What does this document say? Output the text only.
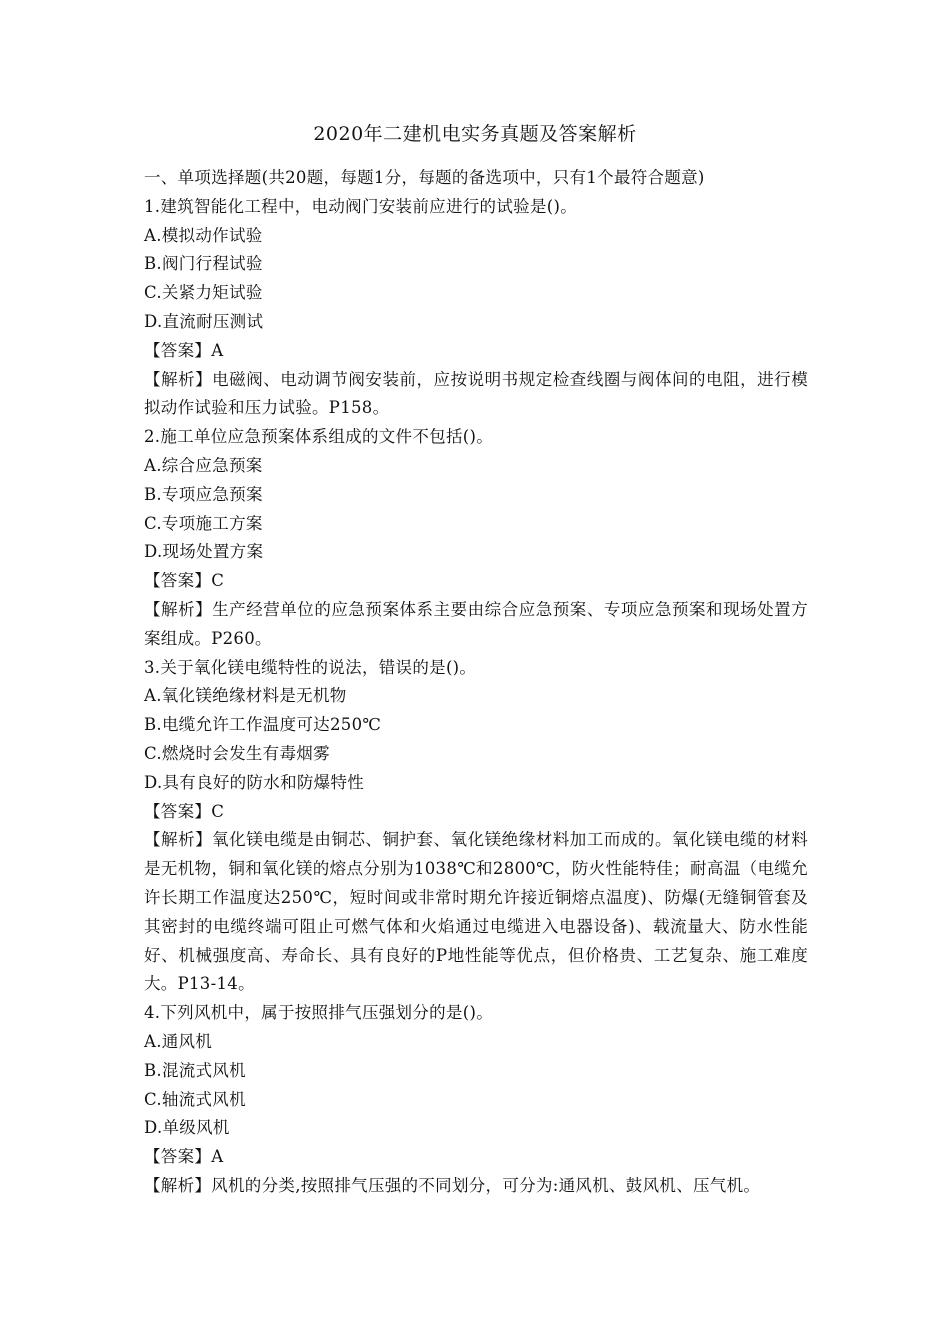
2020年二建机电实务真题及答案解析
一、单项选择题(共20题，每题1分，每题的备选项中，只有1个最符合题意)
1.建筑智能化工程中，电动阀门安装前应进行的试验是()。
A.模拟动作试验
B.阀门行程试验
C.关紧力矩试验
D.直流耐压测试
【答案】A
【解析】电磁阀、电动调节阀安装前，应按说明书规定检查线圈与阀体间的电阻，进行模拟动作试验和压力试验。P158。
2.施工单位应急预案体系组成的文件不包括()。
A.综合应急预案
B.专项应急预案
C.专项施工方案
D.现场处置方案
【答案】C
【解析】生产经营单位的应急预案体系主要由综合应急预案、专项应急预案和现场处置方案组成。P260。
3.关于氧化镁电缆特性的说法，错误的是()。
A.氧化镁绝缘材料是无机物
B.电缆允许工作温度可达250℃
C.燃烧时会发生有毒烟雾
D.具有良好的防水和防爆特性
【答案】C
【解析】氧化镁电缆是由铜芯、铜护套、氧化镁绝缘材料加工而成的。氧化镁电缆的材料是无机物，铜和氧化镁的熔点分别为1038℃和2800℃，防火性能特佳；耐高温（电缆允许长期工作温度达250℃，短时间或非常时期允许接近铜熔点温度)、防爆(无缝铜管套及其密封的电缆终端可阻止可燃气体和火焰通过电缆进入电器设备)、载流量大、防水性能好、机械强度高、寿命长、具有良好的P地性能等优点，但价格贵、工艺复杂、施工难度大。P13-14。
4.下列风机中，属于按照排气压强划分的是()。
A.通风机
B.混流式风机
C.轴流式风机
D.单级风机
【答案】A
【解析】风机的分类,按照排气压强的不同划分，可分为:通风机、鼓风机、压气机。
